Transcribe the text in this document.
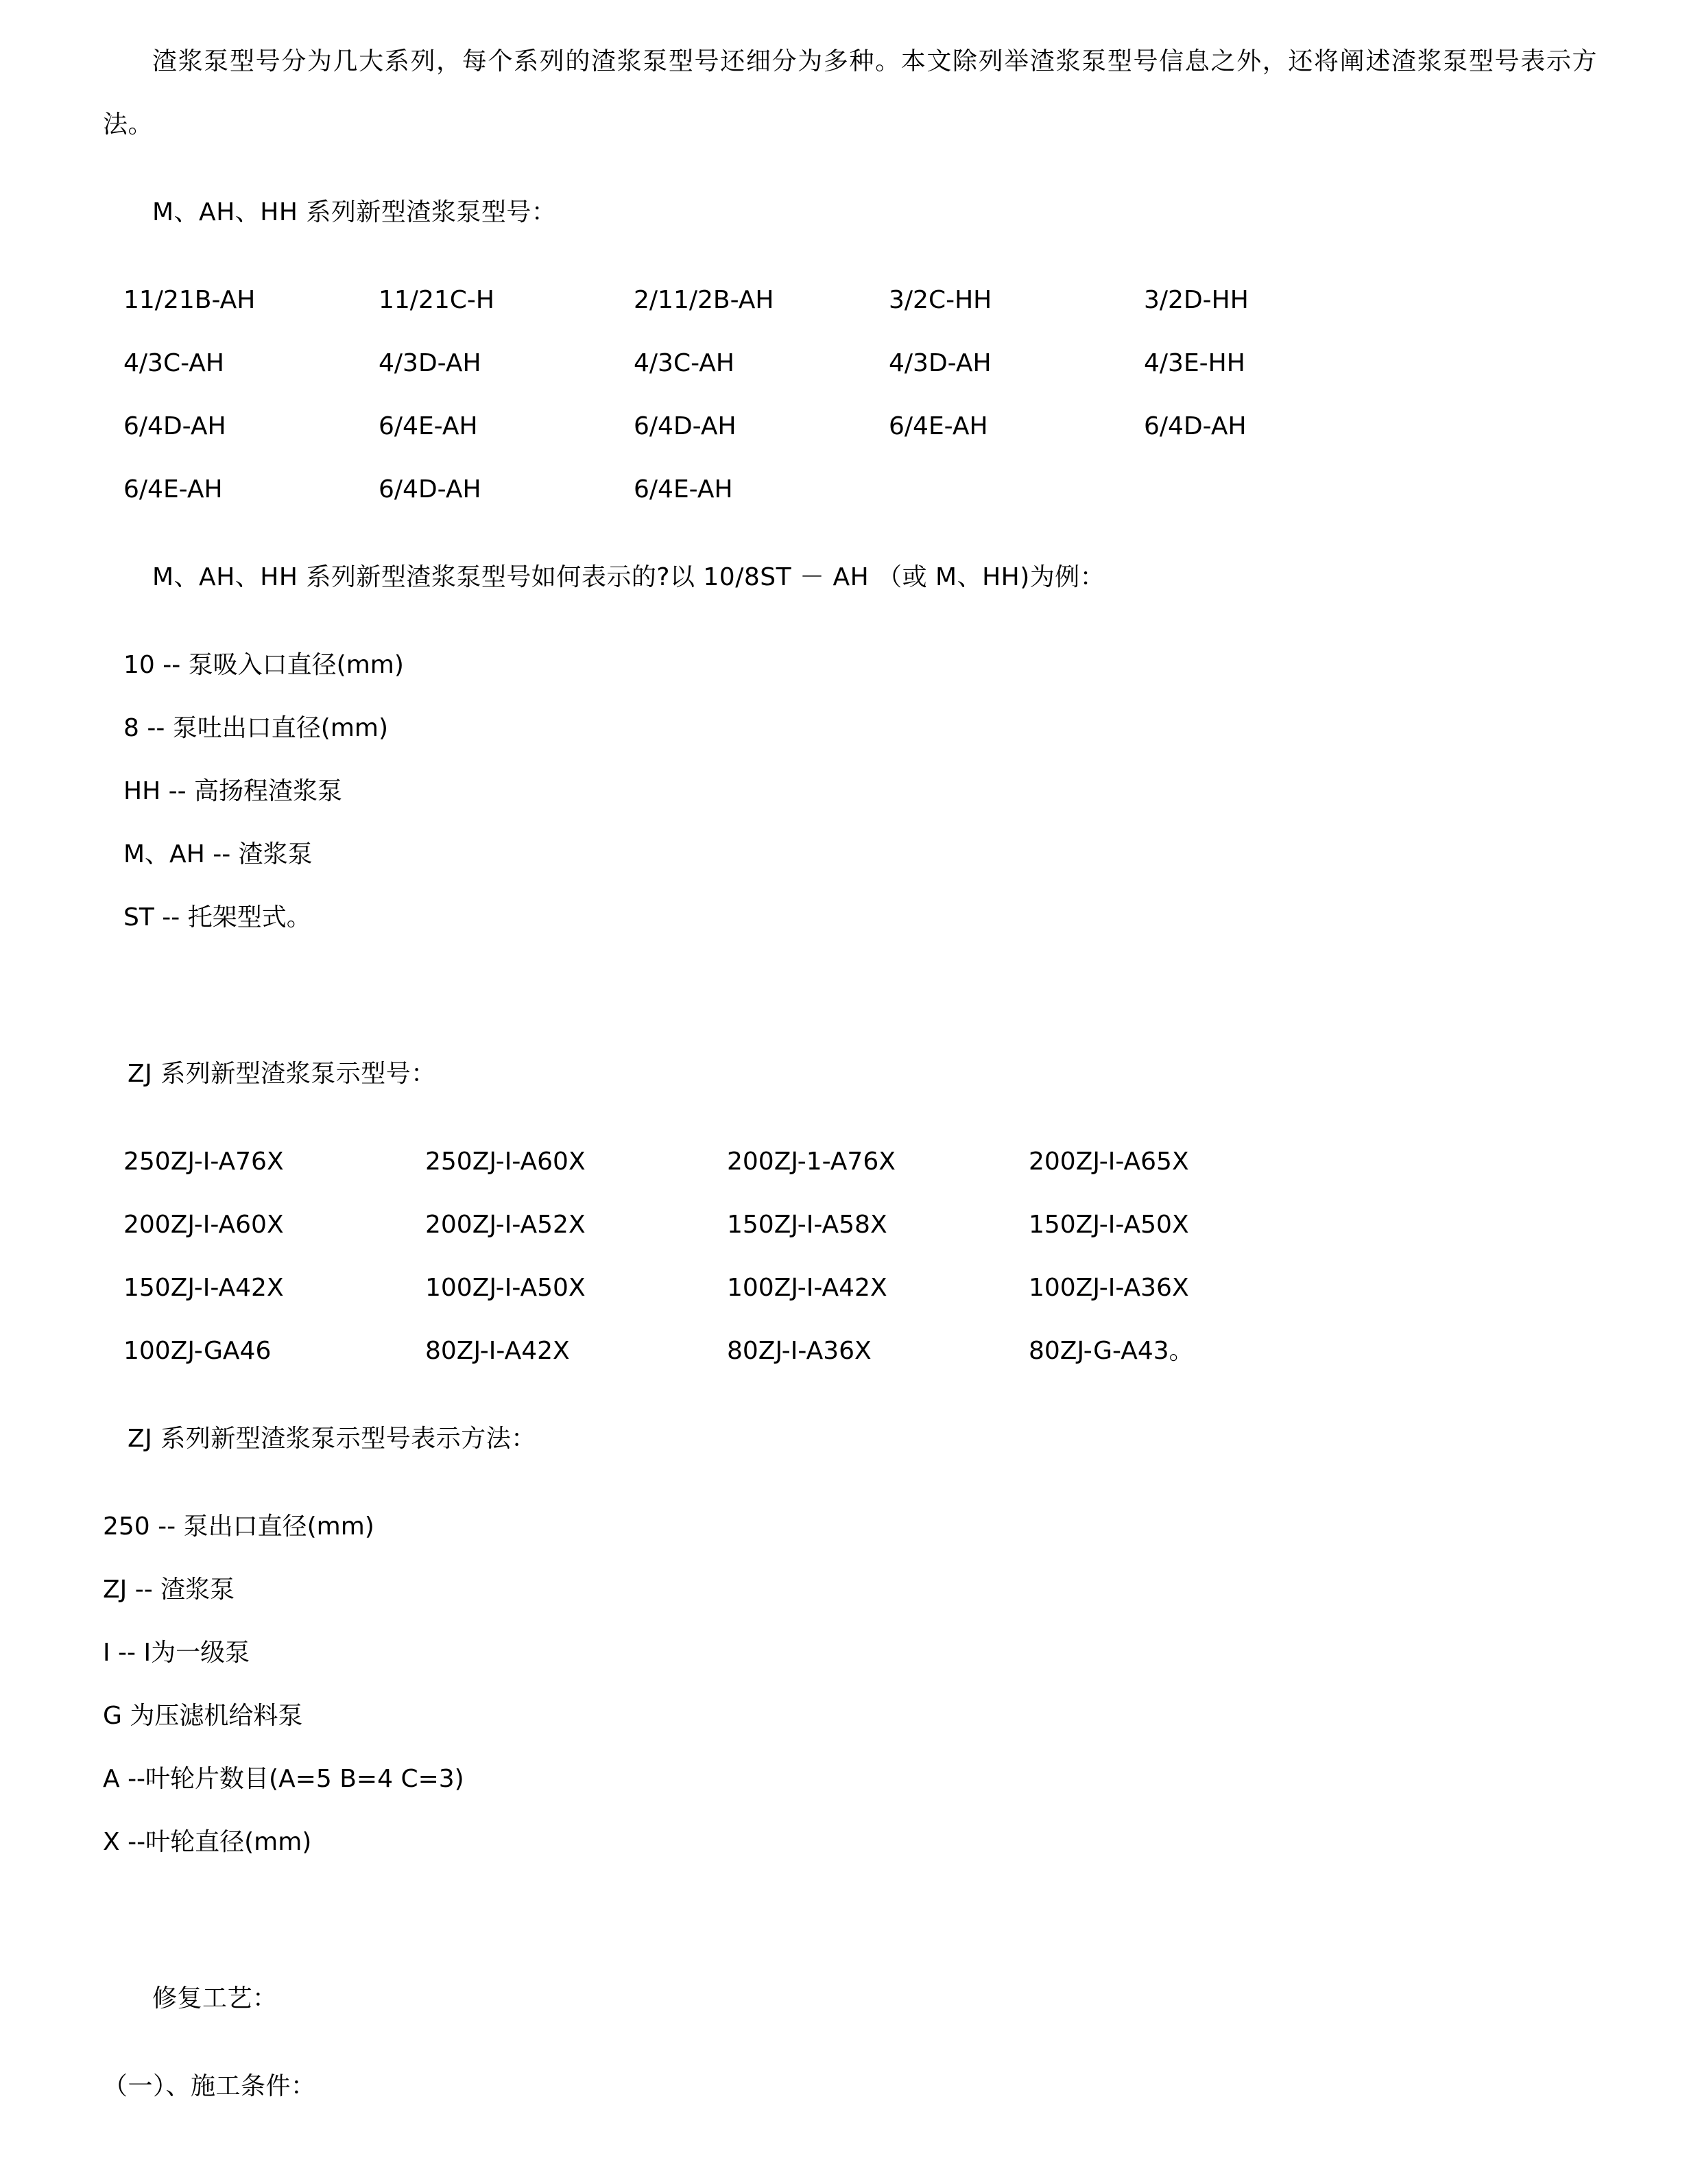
渣浆泵型号分为几大系列，每个系列的渣浆泵型号还细分为多种。本文除列举渣浆泵型号信息之外，还将阐述渣浆泵型号表示方法。

M、AH、HH 系列新型渣浆泵型号：

11/21B-AH	11/21C-H	2/11/2B-AH	3/2C-HH	3/2D-HH
4/3C-AH	4/3D-AH	4/3C-AH	4/3D-AH	4/3E-HH
6/4D-AH	6/4E-AH	6/4D-AH	6/4E-AH	6/4D-AH
6/4E-AH	6/4D-AH	6/4E-AH

M、AH、HH 系列新型渣浆泵型号如何表示的?以 10/8ST － AH （或 M、HH)为例：

10 -- 泵吸入口直径(mm)
8 -- 泵吐出口直径(mm)
HH -- 高扬程渣浆泵
M、AH -- 渣浆泵
ST -- 托架型式。

ZJ 系列新型渣浆泵示型号：

250ZJ-I-A76X	250ZJ-I-A60X	200ZJ-1-A76X	200ZJ-I-A65X
200ZJ-I-A60X	200ZJ-I-A52X	150ZJ-I-A58X	150ZJ-I-A50X
150ZJ-I-A42X	100ZJ-I-A50X	100ZJ-I-A42X	100ZJ-I-A36X
100ZJ-GA46	80ZJ-I-A42X	80ZJ-I-A36X	80ZJ-G-A43。

ZJ 系列新型渣浆泵示型号表示方法：

250 -- 泵出口直径(mm)
ZJ -- 渣浆泵
Ⅰ -- Ⅰ为一级泵
G 为压滤机给料泵
A --叶轮片数目(A=5 B=4 C=3)
X --叶轮直径(mm)

修复工艺：

（一）、施工条件：
